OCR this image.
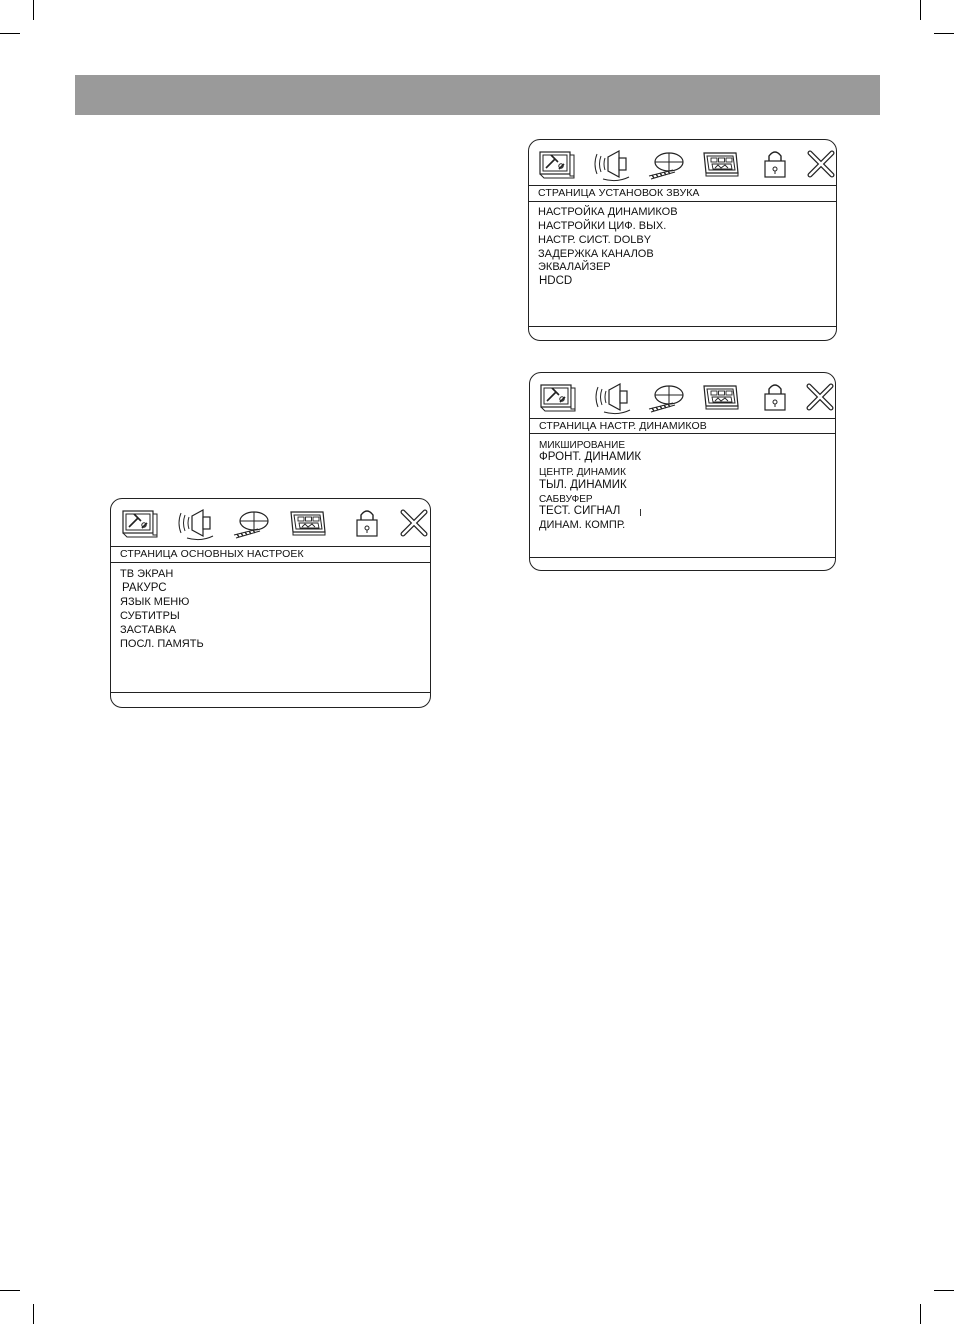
СТРАНИЦА ОСНОВНЫХ НАСТРОЕК
ТВ ЭКРАН
РАКУРС
ЯЗЫК МЕНЮ
СУБТИТРЫ
ЗАСТАВКА
ПОСЛ. ПАМЯТЬ
СТРАНИЦА УСТАНОВОК ЗВУКА
НАСТРОЙКА ДИНАМИКОВ
НАСТРОЙКИ ЦИФ. ВЫХ.
НАСТР. СИСТ. DOLBY
ЗАДЕРЖКА КАНАЛОВ
ЭКВАЛАЙЗЕР
HDCD
СТРАНИЦА НАСТР. ДИНАМИКОВ
МИКШИРОВАНИЕ
ФРОНТ. ДИНАМИК
ЦЕНТР. ДИНАМИК
ТЫЛ. ДИНАМИК
САБВУФЕР
ТЕСТ. СИГНАЛ
ДИНАМ. КОМПР.
